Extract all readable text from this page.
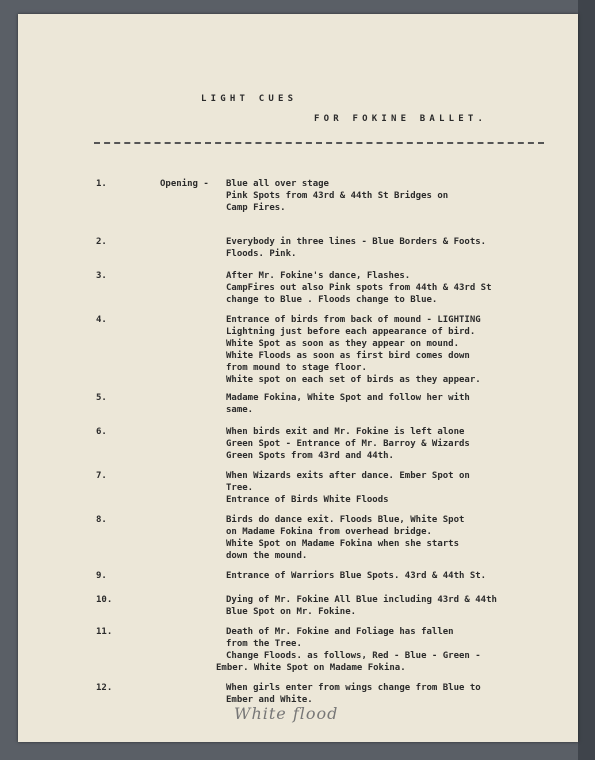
LIGHT CUES
FOR FOKINE BALLET.
1.	Opening - Blue all over stage
Pink Spots from 43rd & 44th St Bridges on
Camp Fires.
2.	Everybody in three lines - Blue Borders & Foots.
Floods. Pink.
3.	After Mr. Fokine's dance, Flashes.
CampFires out also Pink spots from 44th & 43rd St
change to Blue . Floods change to Blue.
4.	Entrance of birds from back of mound - LIGHTING
Lightning just before each appearance of bird.
White Spot as soon as they appear on mound.
White Floods as soon as first bird comes down
from mound to stage floor.
White spot on each set of birds as they appear.
5.	Madame Fokina, White Spot and follow her with
same.
6.	When birds exit and Mr. Fokine is left alone
Green Spot - Entrance of Mr. Barroy & Wizards
Green Spots from 43rd and 44th.
7.	When Wizards exits after dance. Ember Spot on
Tree.
Entrance of Birds White Floods
8.	Birds do dance exit. Floods Blue, White Spot
on Madame Fokina from overhead bridge.
White Spot on Madame Fokina when she starts
down the mound.
9.	Entrance of Warriors Blue Spots. 43rd & 44th St.
10.	Dying of Mr. Fokine All Blue including 43rd & 44th
Blue Spot on Mr. Fokine.
11.	Death of Mr. Fokine and Foliage has fallen
from the Tree.
Change Floods. as follows, Red - Blue - Green -
Ember. White Spot on Madame Fokina.
12.	When girls enter from wings change from Blue to
Ember and White.
White flood
